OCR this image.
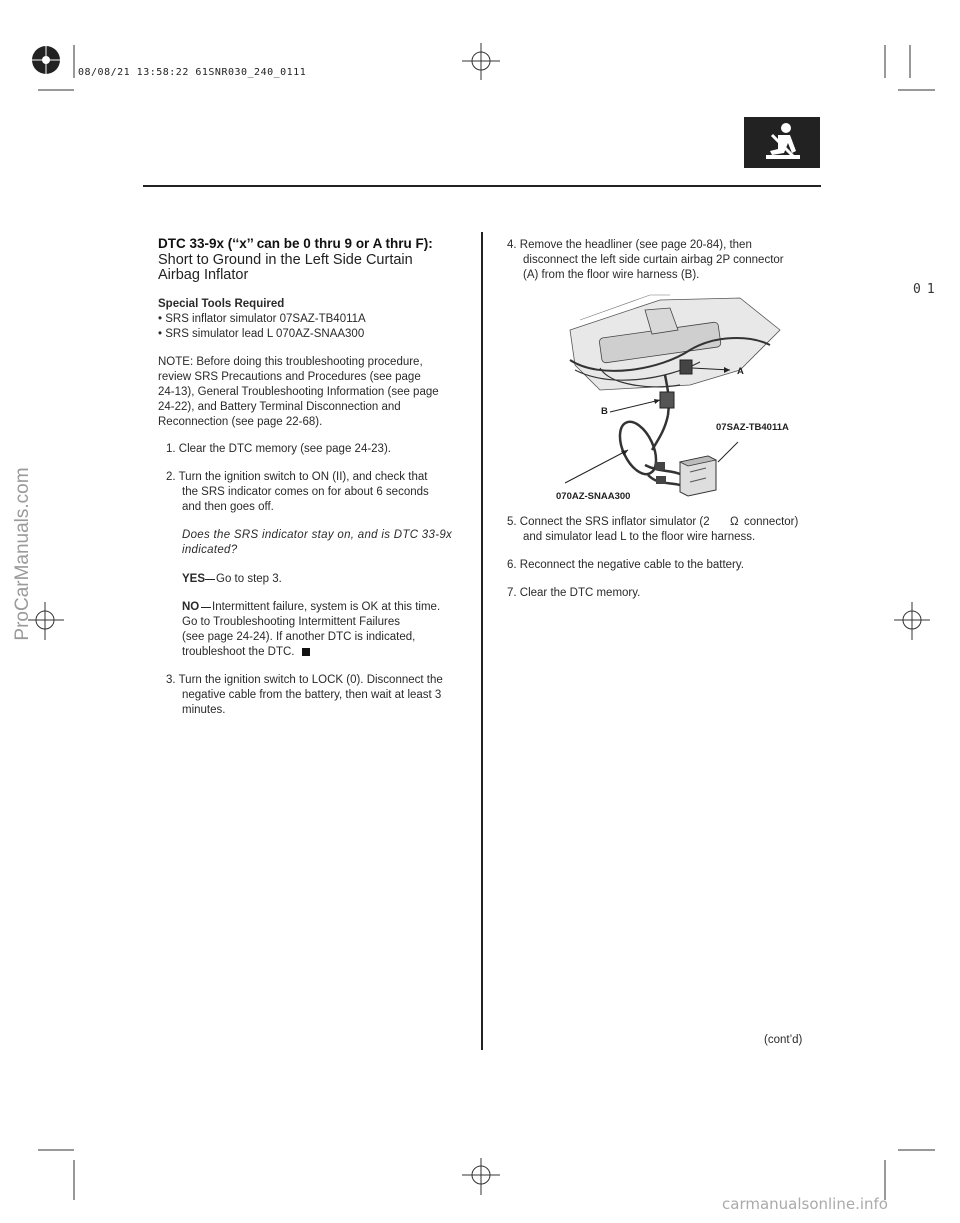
08/08/21 13:58:22 61SNR030_240_0111
01
ProCarManuals.com
DTC 33-9x (‘‘x’’ can be 0 thru 9 or A thru F):
Short to Ground in the Left Side Curtain
Airbag Inflator
Special Tools Required
• SRS inflator simulator 07SAZ-TB4011A
• SRS simulator lead L 070AZ-SNAA300
NOTE: Before doing this troubleshooting procedure,
review SRS Precautions and Procedures (see page
24-13), General Troubleshooting Information (see page
24-22), and Battery Terminal Disconnection and
Reconnection (see page 22-68).
1. Clear the DTC memory (see page 24-23).
2. Turn the ignition switch to ON (II), and check that
the SRS indicator comes on for about 6 seconds
and then goes off.
Does the SRS indicator stay on, and is DTC 33-9x
indicated?
YES Go to step 3.
NO Intermittent failure, system is OK at this time.
Go to Troubleshooting Intermittent Failures
(see page 24-24). If another DTC is indicated,
troubleshoot the DTC.
3. Turn the ignition switch to LOCK (0). Disconnect the
negative cable from the battery, then wait at least 3
minutes.
4. Remove the headliner (see page 20-84), then
disconnect the left side curtain airbag 2P connector
(A) from the floor wire harness (B).
A
B
07SAZ-TB4011A
070AZ-SNAA300
5. Connect the SRS inflator simulator (2 Ω connector)
and simulator lead L to the floor wire harness.
6. Reconnect the negative cable to the battery.
7. Clear the DTC memory.
(cont’d)
carmanualsonline.info
